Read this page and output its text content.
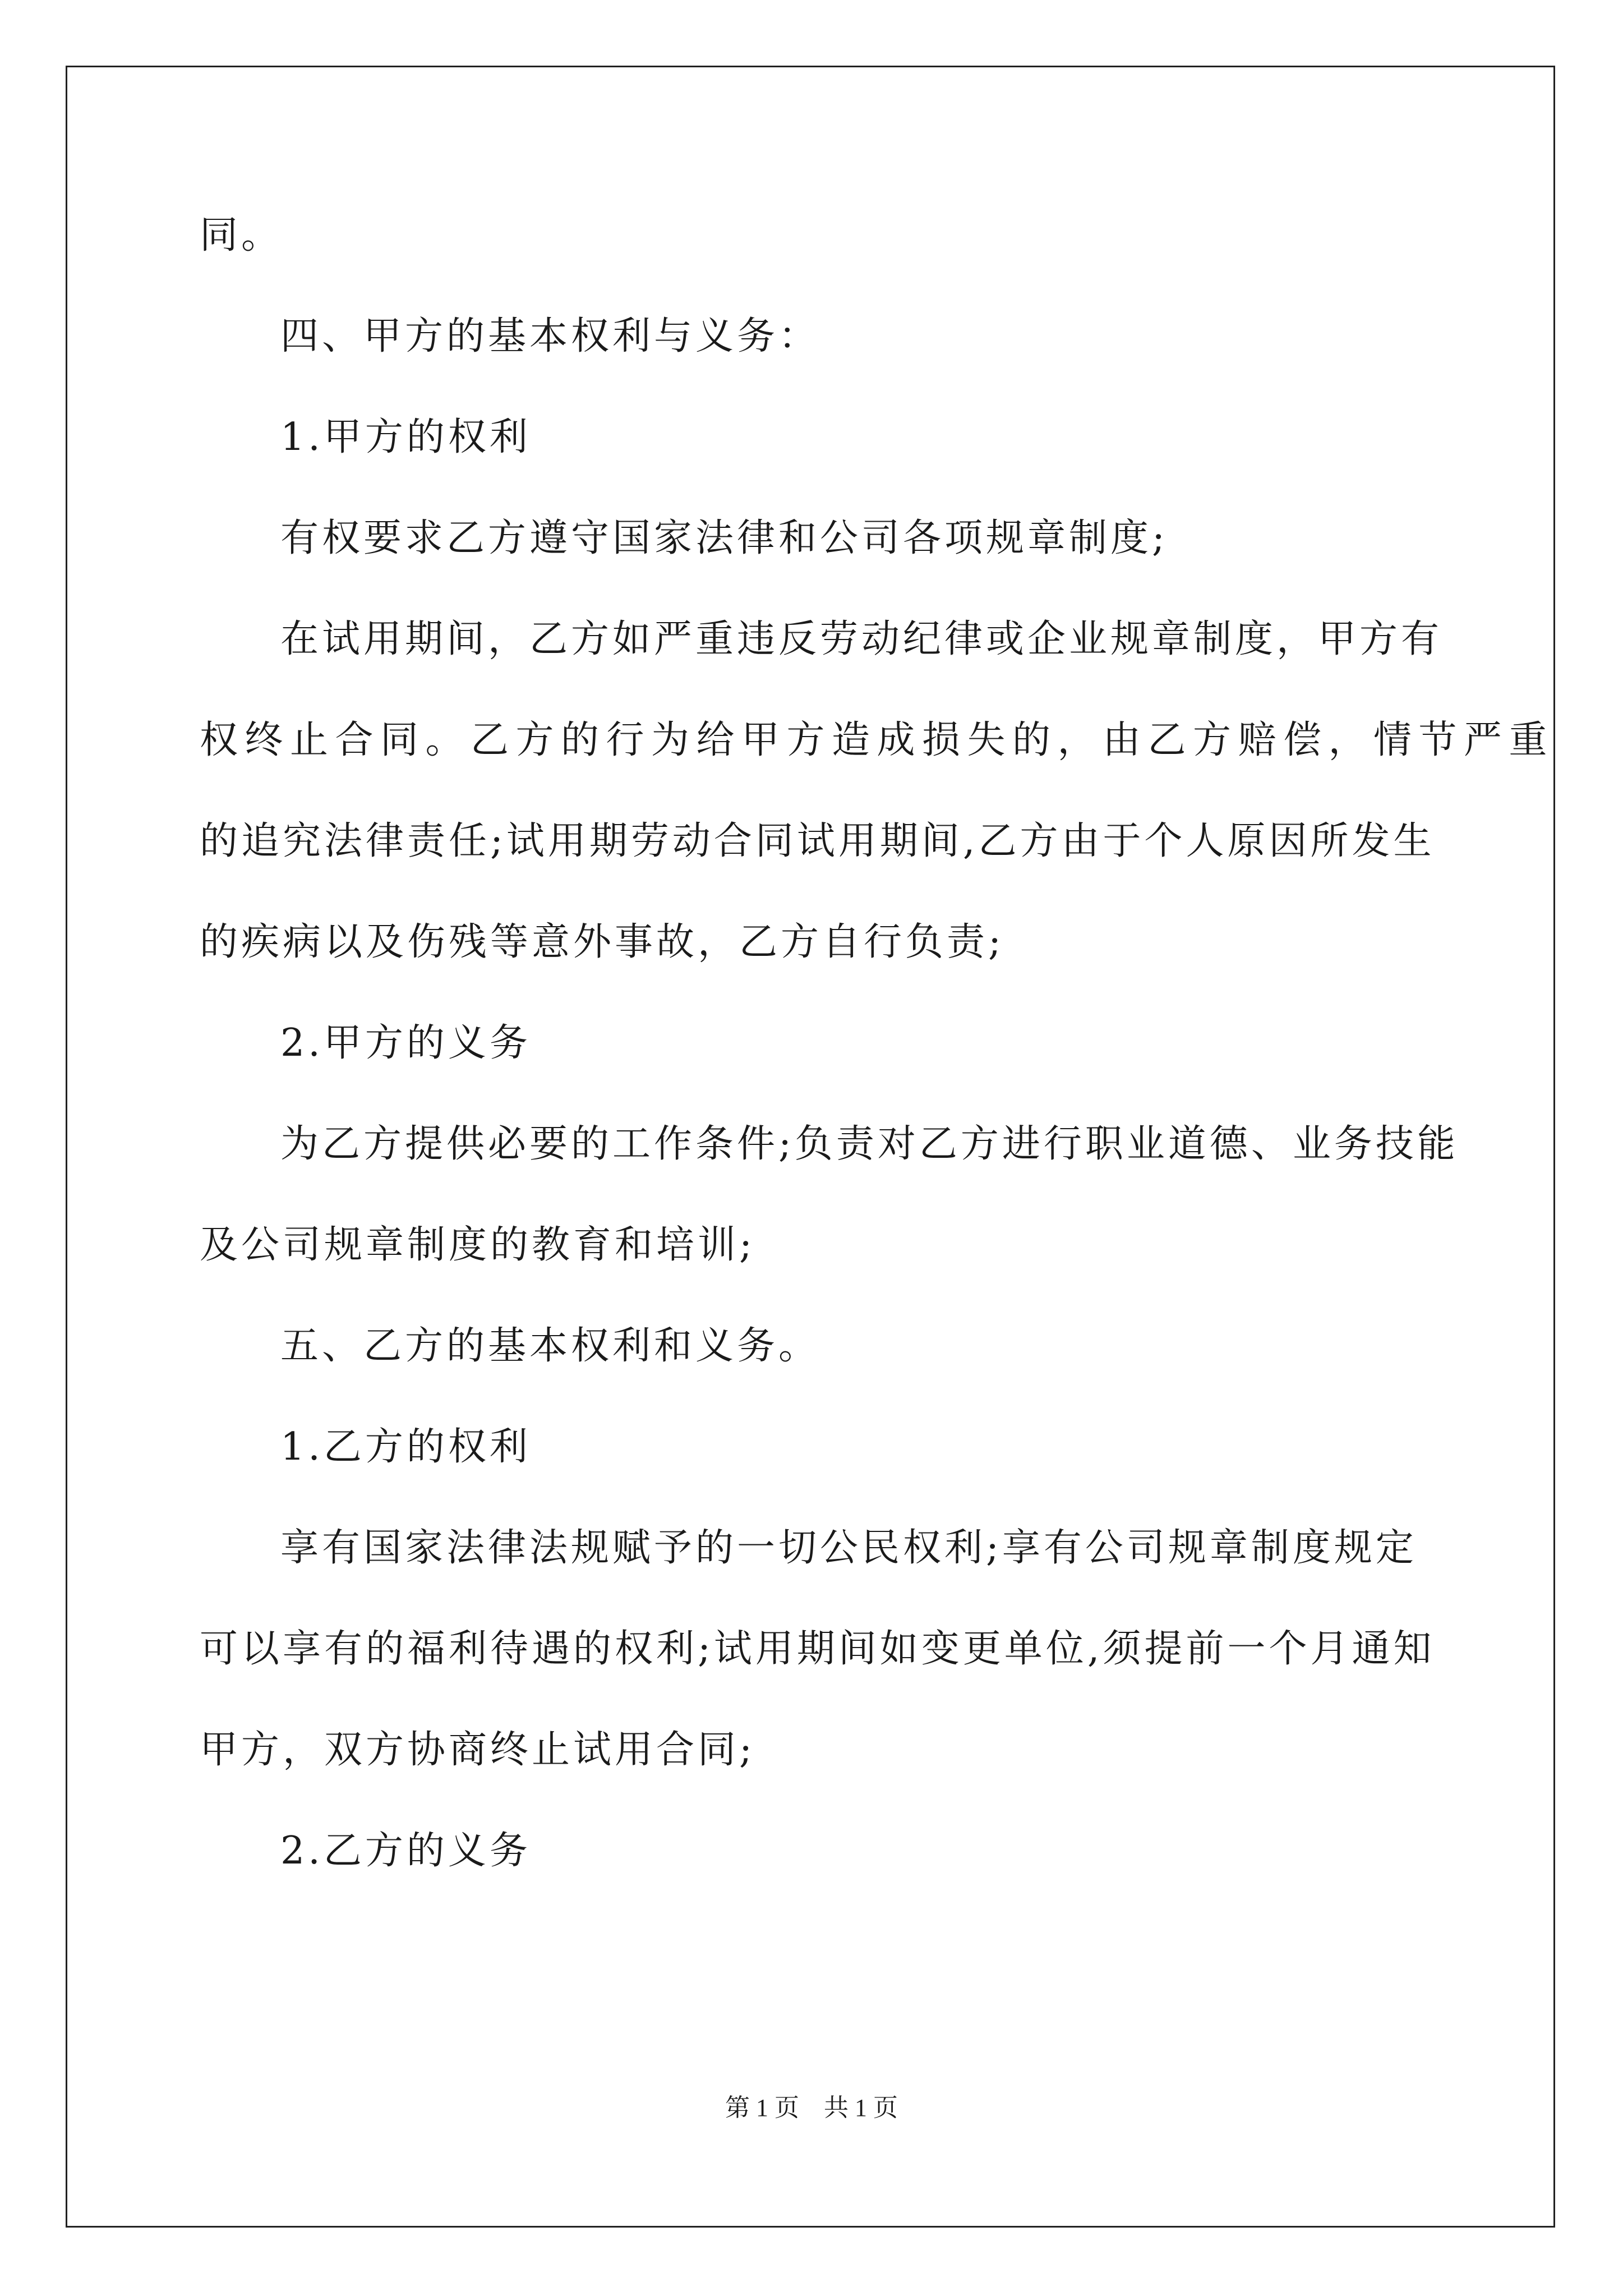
同。
四、甲方的基本权利与义务：
1.甲方的权利
有权要求乙方遵守国家法律和公司各项规章制度;
在试用期间，乙方如严重违反劳动纪律或企业规章制度，甲方有
权终止合同。乙方的行为给甲方造成损失的，由乙方赔偿，情节严重
的追究法律责任;试用期劳动合同试用期间,乙方由于个人原因所发生
的疾病以及伤残等意外事故，乙方自行负责;
2.甲方的义务
为乙方提供必要的工作条件;负责对乙方进行职业道德、业务技能
及公司规章制度的教育和培训;
五、乙方的基本权利和义务。
1.乙方的权利
享有国家法律法规赋予的一切公民权利;享有公司规章制度规定
可以享有的福利待遇的权利;试用期间如变更单位,须提前一个月通知
甲方，双方协商终止试用合同;
2.乙方的义务
第 1 页　共 1 页
